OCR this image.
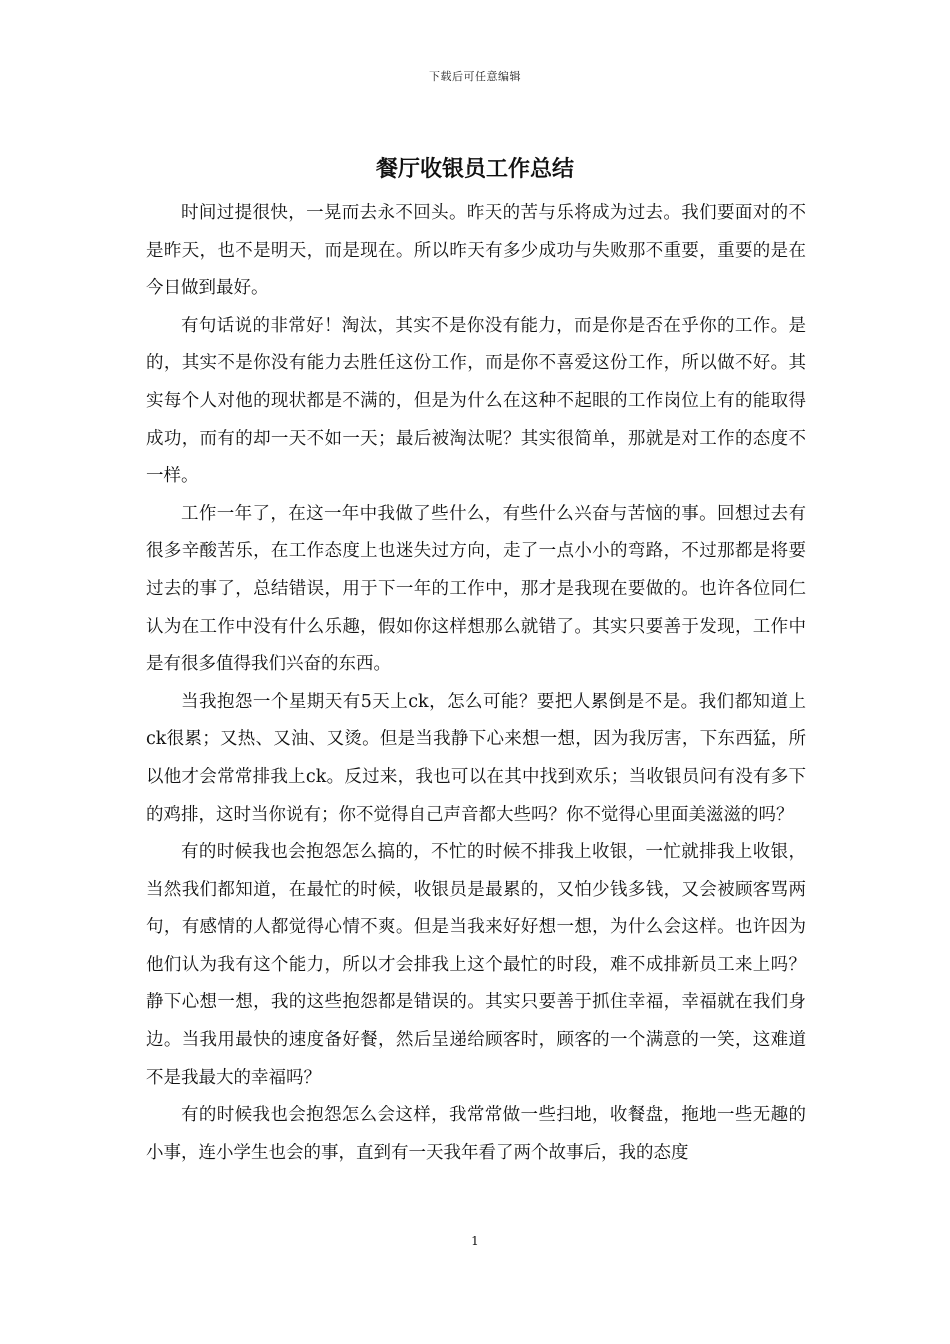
下载后可任意编辑
餐厅收银员工作总结

时间过提很快，一晃而去永不回头。昨天的苦与乐将成为过去。我们要面对的不是昨天，也不是明天，而是现在。所以昨天有多少成功与失败那不重要，重要的是在今日做到最好。

有句话说的非常好！淘汰，其实不是你没有能力，而是你是否在乎你的工作。是的，其实不是你没有能力去胜任这份工作，而是你不喜爱这份工作，所以做不好。其实每个人对他的现状都是不满的，但是为什么在这种不起眼的工作岗位上有的能取得成功，而有的却一天不如一天；最后被淘汰呢？其实很简单，那就是对工作的态度不一样。

工作一年了，在这一年中我做了些什么，有些什么兴奋与苦恼的事。回想过去有很多辛酸苦乐，在工作态度上也迷失过方向，走了一点小小的弯路，不过那都是将要过去的事了，总结错误，用于下一年的工作中，那才是我现在要做的。也许各位同仁认为在工作中没有什么乐趣，假如你这样想那么就错了。其实只要善于发现，工作中是有很多值得我们兴奋的东西。

当我抱怨一个星期天有5天上ck，怎么可能？要把人累倒是不是。我们都知道上ck很累；又热、又油、又烫。但是当我静下心来想一想，因为我厉害，下东西猛，所以他才会常常排我上ck。反过来，我也可以在其中找到欢乐；当收银员问有没有多下的鸡排，这时当你说有；你不觉得自己声音都大些吗？你不觉得心里面美滋滋的吗？

有的时候我也会抱怨怎么搞的，不忙的时候不排我上收银，一忙就排我上收银，当然我们都知道，在最忙的时候，收银员是最累的，又怕少钱多钱，又会被顾客骂两句，有感情的人都觉得心情不爽。但是当我来好好想一想，为什么会这样。也许因为他们认为我有这个能力，所以才会排我上这个最忙的时段，难不成排新员工来上吗？静下心想一想，我的这些抱怨都是错误的。其实只要善于抓住幸福，幸福就在我们身边。当我用最快的速度备好餐，然后呈递给顾客时，顾客的一个满意的一笑，这难道不是我最大的幸福吗？

有的时候我也会抱怨怎么会这样，我常常做一些扫地，收餐盘，拖地一些无趣的小事，连小学生也会的事，直到有一天我年看了两个故事后，我的态度

1
